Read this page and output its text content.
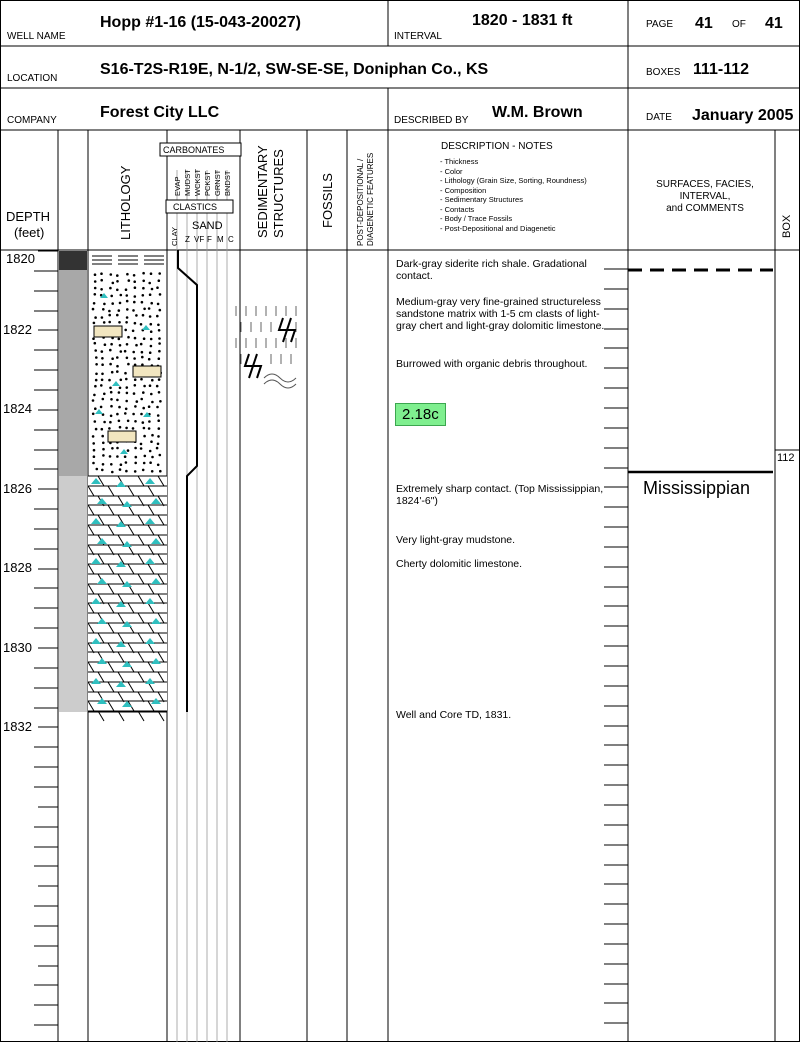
WELL NAME
Hopp #1-16 (15-043-20027)
INTERVAL
1820 - 1831 ft	PAGE 41 OF 41
LOCATION
S16-T2S-R19E, N-1/2, SW-SE-SE, Doniphan Co., KS	BOXES 111-112
COMPANY	Forest City LLC	DESCRIBED BY W.M. Brown	DATE January 2005
DEPTH
(feet)	LITHOLOGY
CARBONATES
EVAP MUDST WCKST PCKST GRNST BNDST
CLASTICS
SAND
CLAY Z VF F M C
SEDIMENTARY STRUCTURES	FOSSILS	POST-DEPOSITIONAL / DIAGENETIC FEATURES
DESCRIPTION - NOTES
- Thickness
- Color
- Lithology (Grain Size, Sorting, Roundness)
- Composition
- Sedimentary Structures
- Contacts
- Body / Trace Fossils
- Post-Depositional and Diagenetic
SURFACES, FACIES,
INTERVAL,
and COMMENTS
BOX
1820
1822
1824
1826
1828
1830
1832
Dark-gray siderite rich shale. Gradational contact.
Medium-gray very fine-grained structureless sandstone matrix with 1-5 cm clasts of light-gray chert and light-gray dolomitic limestone.
Burrowed with organic debris throughout.
Extremely sharp contact. (Top Mississippian, 1824'-6")
Very light-gray mudstone.
Cherty dolomitic limestone.
Well and Core TD, 1831.
2.18c
Mississippian
112
